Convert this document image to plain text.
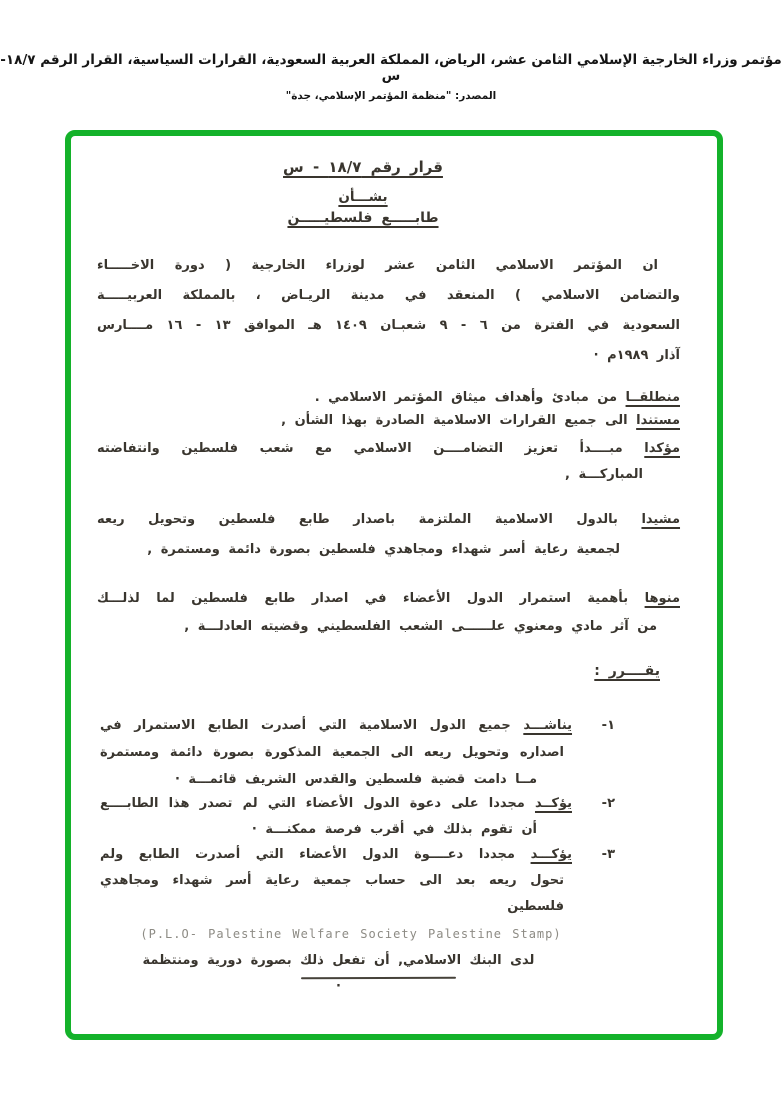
مؤتمر وزراء الخارجية الإسلامي الثامن عشر، الرياض، المملكة العربية السعودية، القرارات السياسية، القرار الرقم ١٨/٧-س
المصدر: "منظمة المؤتمر الإسلامي، جدة"
قرار رقم ١٨/٧ - س
بشـــأن
طابـــــع فلسطيـــــن
ان المؤتمر الاسلامي الثامن عشر لوزراء الخارجية ( دورة الاخـــــاء
والتضامن الاسلامي ) المنعقد في مدينة الريـاض ، بالمملكة العربيـــــة
السعودية في الفترة من ٦ - ٩ شعبـان ١٤٠٩ هـ الموافق ١٣ - ١٦ مــــارس
آذار ١٩٨٩م ·
منطلقــا من مبادئ وأهداف ميثاق المؤتمر الاسلامي .
مستندا الى جميع القرارات الاسلامية الصادرة بهذا الشأن ,
مؤكدا مبــــدأ تعزيز التضامــــن الاسلامي مع شعب فلسطين وانتفاضته
المباركـــة ,
مشيدا بالدول الاسلامية الملتزمة باصدار طابع فلسطين وتحويل ريعه
لجمعية رعاية أسر شهداء ومجاهدي فلسطين بصورة دائمة ومستمرة ,
منوها بأهمية استمرار الدول الأعضاء في اصدار طابع فلسطين لما لذلـــك
من آثر مادي ومعنوي علــــــى الشعب الفلسطيني وقضيته العادلـــة ,
يقــــرر :
١-
يناشـــد جميع الدول الاسلامية التي أصدرت الطابع الاستمرار في
اصداره وتحويل ريعه الى الجمعية المذكورة بصورة دائمة ومستمرة
مــا دامت قضية فلسطين والقدس الشريف قائمـــة ·
٢-
يؤكــد مجددا على دعوة الدول الأعضاء التي لم تصدر هذا الطابــــع
أن تقوم بذلك في أقرب فرصة ممكنـــة ·
٣-
يؤكـــد مجددا دعــــوة الدول الأعضاء التي أصدرت الطابع ولم
تحول ريعه بعد الى حساب جمعية رعاية أسر شهداء ومجاهدي فلسطين
(P.L.O- Palestine Welfare Society Palestine Stamp)
لدى البنك الاسلامي, أن تفعل ذلك بصورة دورية ومنتظمة ·
